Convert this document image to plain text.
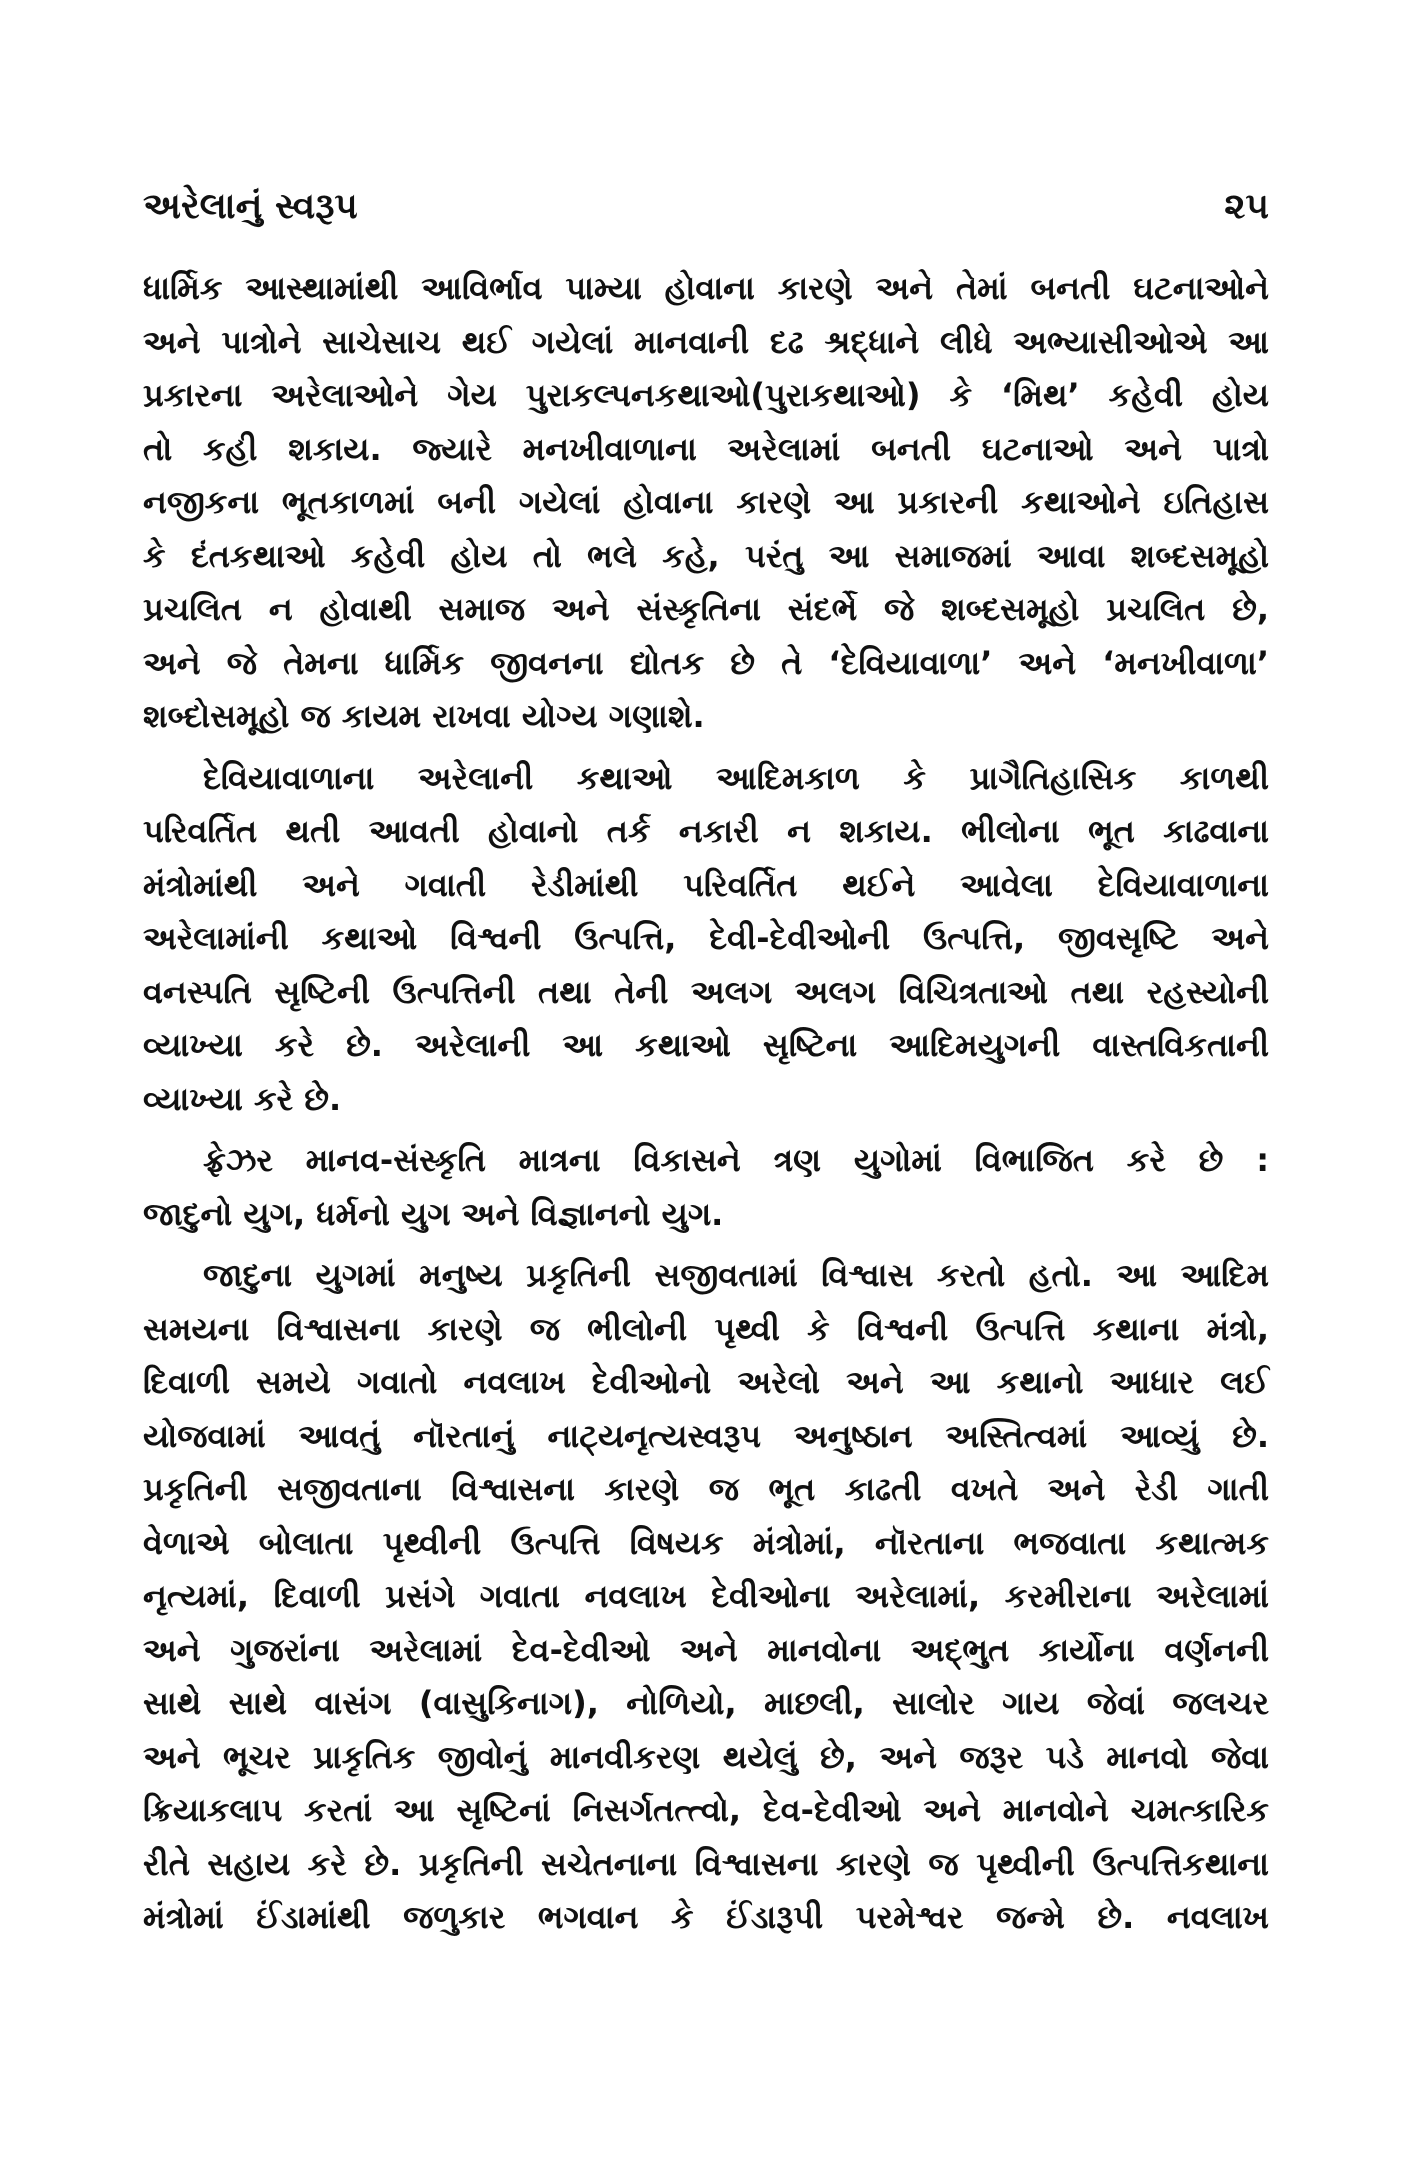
અરેલાનું સ્વરૂપ	૨૫
ધાર્મિક આસ્થામાંથી આવિર્ભાવ પામ્યા હોવાના કારણે અને તેમાં બનતી ઘટનાઓને
અને પાત્રોને સાચેસાચ થઈ ગયેલાં માનવાની દઢ શ્રદ્ધાને લીધે અભ્યાસીઓએ આ
પ્રકારના અરેલાઓને ગેય પુરાકલ્પનકથાઓ(પુરાકથાઓ) કે ‘મિથ’ કહેવી હોય
તો કહી શકાય. જ્યારે મનખીવાળાના અરેલામાં બનતી ઘટનાઓ અને પાત્રો
નજીકના ભૂતકાળમાં બની ગયેલાં હોવાના કારણે આ પ્રકારની કથાઓને ઇતિહાસ
કે દંતકથાઓ કહેવી હોય તો ભલે કહે, પરંતુ આ સમાજમાં આવા શબ્દસમૂહો
પ્રચલિત ન હોવાથી સમાજ અને સંસ્કૃતિના સંદર્ભે જે શબ્દસમૂહો પ્રચલિત છે,
અને જે તેમના ધાર્મિક જીવનના દ્યોતક છે તે ‘દેવિયાવાળા’ અને ‘મનખીવાળા’
શબ્દોસમૂહો જ કાયમ રાખવા યોગ્ય ગણાશે.
દેવિયાવાળાના અરેલાની કથાઓ આદિમકાળ કે પ્રાગૈતિહાસિક કાળથી
પરિવર્તિત થતી આવતી હોવાનો તર્ક નકારી ન શકાય. ભીલોના ભૂત કાઢવાના
મંત્રોમાંથી અને ગવાતી રેડીમાંથી પરિવર્તિત થઈને આવેલા દેવિયાવાળાના
અરેલામાંની કથાઓ વિશ્વની ઉત્પત્તિ, દેવી-દેવીઓની ઉત્પત્તિ, જીવસૃષ્ટિ અને
વનસ્પતિ સૃષ્ટિની ઉત્પત્તિની તથા તેની અલગ અલગ વિચિત્રતાઓ તથા રહસ્યોની
વ્યાખ્યા કરે છે. અરેલાની આ કથાઓ સૃષ્ટિના આદિમયુગની વાસ્તવિકતાની
વ્યાખ્યા કરે છે.
ફ્રેઝર માનવ-સંસ્કૃતિ માત્રના વિકાસને ત્રણ યુગોમાં વિભાજિત કરે છે :
જાદુનો યુગ, ધર્મનો યુગ અને વિજ્ઞાનનો યુગ.
જાદુના યુગમાં મનુષ્ય પ્રકૃતિની સજીવતામાં વિશ્વાસ કરતો હતો. આ આદિમ
સમયના વિશ્વાસના કારણે જ ભીલોની પૃથ્વી કે વિશ્વની ઉત્પત્તિ કથાના મંત્રો,
દિવાળી સમયે ગવાતો નવલાખ દેવીઓનો અરેલો અને આ કથાનો આધાર લઈ
યોજવામાં આવતું નૉરતાનું નાટ્યનૃત્યસ્વરૂપ અનુષ્ઠાન અસ્તિત્વમાં આવ્યું છે.
પ્રકૃતિની સજીવતાના વિશ્વાસના કારણે જ ભૂત કાઢતી વખતે અને રેડી ગાતી
વેળાએ બોલાતા પૃથ્વીની ઉત્પત્તિ વિષયક મંત્રોમાં, નૉરતાના ભજવાતા કથાત્મક
નૃત્યમાં, દિવાળી પ્રસંગે ગવાતા નવલાખ દેવીઓના અરેલામાં, કરમીરાના અરેલામાં
અને ગુજરાંના અરેલામાં દેવ-દેવીઓ અને માનવોના અદ્ભુત કાર્યોના વર્ણનની
સાથે સાથે વાસંગ (વાસુકિનાગ), નોળિયો, માછલી, સાલોર ગાય જેવાં જલચર
અને ભૂચર પ્રાકૃતિક જીવોનું માનવીકરણ થયેલું છે, અને જરૂર પડે માનવો જેવા
ક્રિયાકલાપ કરતાં આ સૃષ્ટિનાં નિસર્ગતત્ત્વો, દેવ-દેવીઓ અને માનવોને ચમત્કારિક
રીતે સહાય કરે છે. પ્રકૃતિની સચેતનાના વિશ્વાસના કારણે જ પૃથ્વીની ઉત્પત્તિકથાના
મંત્રોમાં ઈંડામાંથી જળુકાર ભગવાન કે ઈંડારૂપી પરમેશ્વર જન્મે છે. નવલાખ
